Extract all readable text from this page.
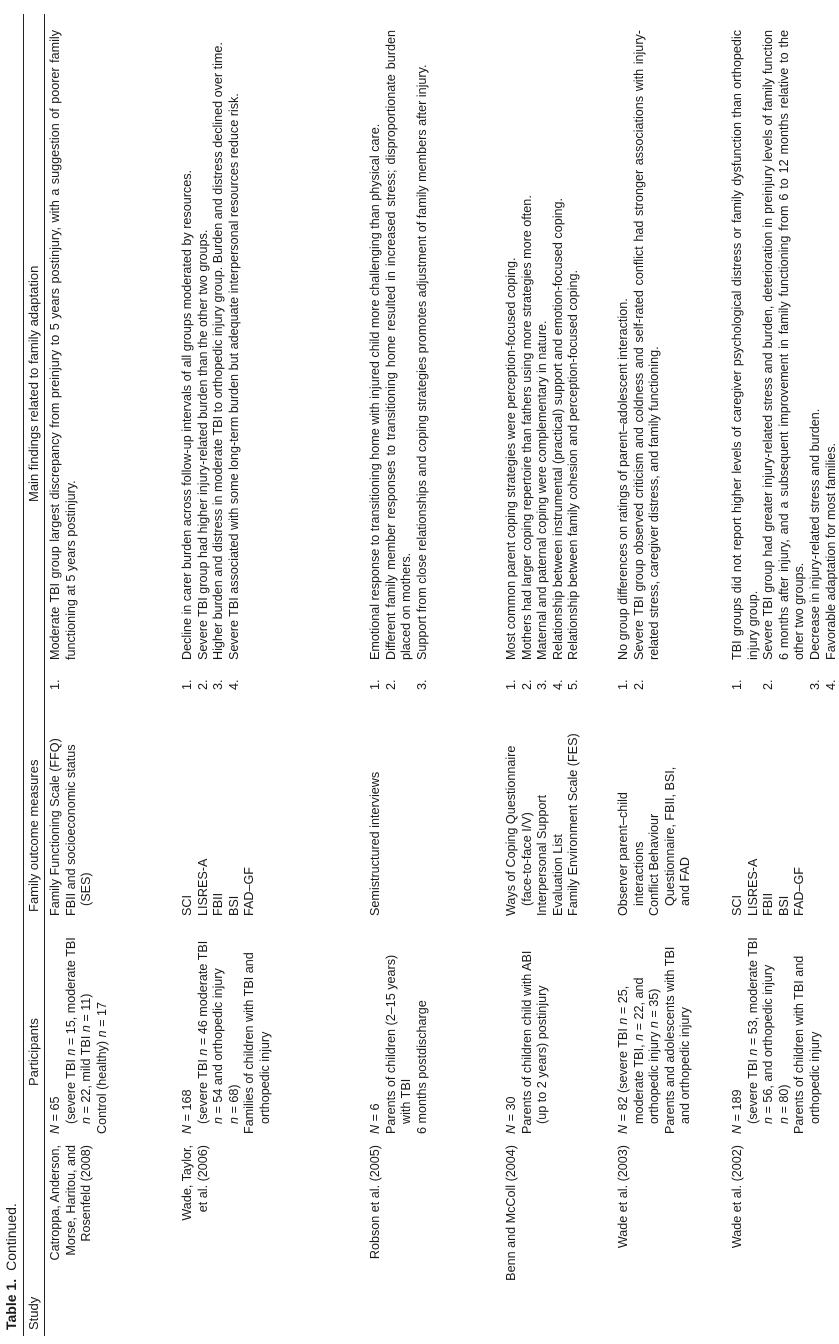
Table 1.Continued.
Study
Participants
Family outcome measures
Main findings related to family adaptation
Catroppa, Anderson, Morse, Haritou, and Rosenfeld (2008)
N = 65 (severe TBI n = 15, moderate TBI
n = 22, mild TBI n = 11)
Control (healthy) n = 17
Family Functioning Scale (FFQ) FBII and socioeconomic status (SES)
1.
Moderate TBI group largest discrepancy from preinjury to 5 years postinjury, with a suggestion of poorer family functioning at 5 years postinjury.
Wade, Taylor, et al. (2006)
N = 168 (severe TBI n = 46 moderate TBI
n = 54 and orthopedic injury
n = 68) Families of children with TBI and orthopedic injury
SCI LISRES-A FBII BSI FAD–GF
1.
Decline in carer burden across follow-up intervals of all groups moderated by resources.
2.
Severe TBI group had higher injury-related burden than the other two groups.
3.
Higher burden and distress in moderate TBI to orthopedic injury group. Burden and distress declined over time.
4.
Severe TBI associated with some long-term burden but adequate interpersonal resources reduce risk.
Robson et al. (2005)
N = 6 Parents of children (2–15 years) with TBI 6 months postdischarge
Semistructured interviews
1.
Emotional response to transitioning home with injured child more challenging than physical care.
2.
Different family member responses to transitioning home resulted in increased stress; disproportionate burden placed on mothers.
3.
Support from close relationships and coping strategies promotes adjustment of family members after injury.
Benn and McColl (2004)
N = 30 Parents of children child with ABI (up to 2 years) postinjury
Ways of Coping Questionnaire (face-to-face I/V) Interpersonal Support Evaluation List Family Environment Scale (FES)
1.
Most common parent coping strategies were perception-focused coping.
2.
Mothers had larger coping repertoire than fathers using more strategies more often.
3.
Maternal and paternal coping were complementary in nature.
4.
Relationship between instrumental (practical) support and emotion-focused coping.
5.
Relationship between family cohesion and perception-focused coping.
Wade et al. (2003)
N = 82 (severe TBI n = 25,
moderate TBI, n = 22, and
orthopedic injury n = 35) Parents and adolescents with TBI and orthopedic injury
Observer parent–child interactions Conflict Behaviour Questionnaire, FBII, BSI, and FAD
1.
No group differences on ratings of parent–adolescent interaction.
2.
Severe TBI group observed criticism and coldness and self-rated conflict had stronger associations with injury-related stress, caregiver distress, and family functioning.
Wade et al. (2002)
N = 189 (severe TBI n = 53, moderate TBI
n = 56, and orthopedic injury
n = 80) Parents of children with TBI and orthopedic injury
SCI LISRES-A FBII BSI FAD–GF
1.
TBI groups did not report higher levels of caregiver psychological distress or family dysfunction than orthopedic injury group.
2.
Severe TBI group had greater injury-related stress and burden, deterioration in preinjury levels of family function 6 months after injury, and a subsequent improvement in family functioning from 6 to 12 months relative to the other two groups.
3.
Decrease in injury-related stress and burden.
4.
Favorable adaptation for most families.
